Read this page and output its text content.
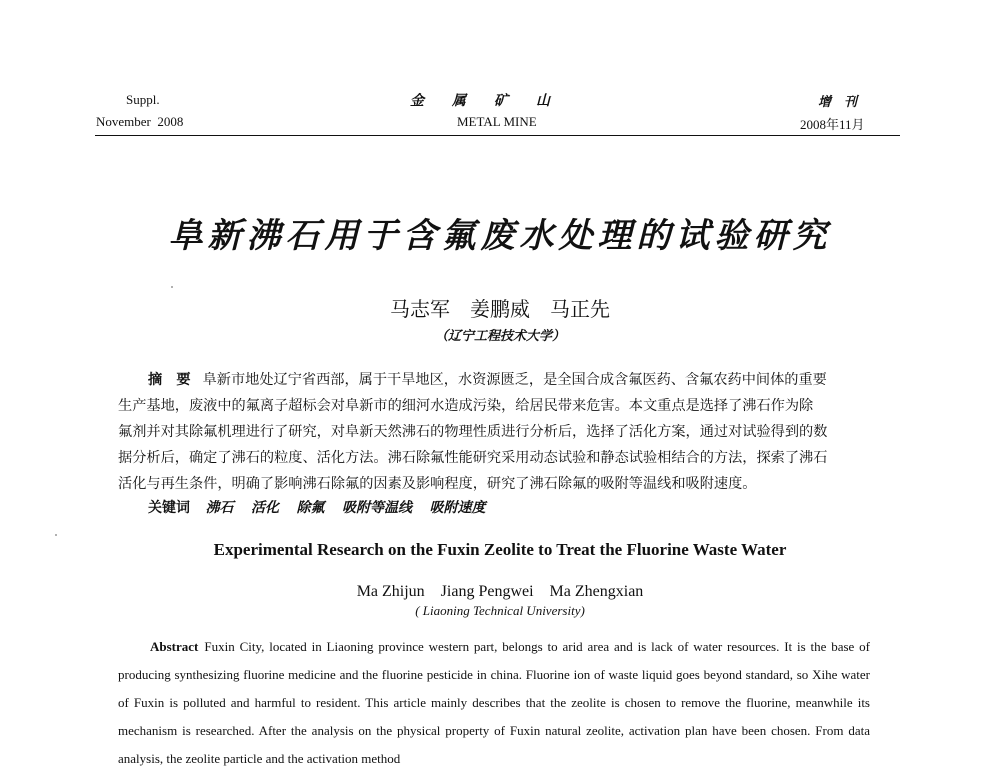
Suppl.
November  2008
金　　属　　矿　　山
METAL MINE
增　刊
2008年11月
阜新沸石用于含氟废水处理的试验研究
马志军　姜鹏威　马正先
（辽宁工程技术大学）
摘　要 阜新市地处辽宁省西部，属于干旱地区，水资源匮乏，是全国合成含氟医药、含氟农药中间体的重要
生产基地，废液中的氟离子超标会对阜新市的细河水造成污染，给居民带来危害。本文重点是选择了沸石作为除
氟剂并对其除氟机理进行了研究，对阜新天然沸石的物理性质进行分析后，选择了活化方案，通过对试验得到的数
据分析后，确定了沸石的粒度、活化方法。沸石除氟性能研究采用动态试验和静态试验相结合的方法，探索了沸石
活化与再生条件，明确了影响沸石除氟的因素及影响程度，研究了沸石除氟的吸附等温线和吸附速度。
关键词 沸石 活化 除氟 吸附等温线 吸附速度
Experimental Research on the Fuxin Zeolite to Treat the Fluorine Waste Water
Ma Zhijun　Jiang Pengwei　Ma Zhengxian
( Liaoning Technical University)
Abstract Fuxin City, located in Liaoning province western part, belongs to arid area and is lack of water resources. It is the base of producing synthesizing fluorine medicine and the fluorine pesticide in china. Fluorine ion of waste liquid goes beyond standard, so Xihe water of Fuxin is polluted and harmful to resident. This article mainly describes that the zeolite is chosen to remove the fluorine, meanwhile its mechanism is researched. After the analysis on the physical property of Fuxin natural zeolite, activation plan have been chosen. From data analysis, the zeolite particle and the activation method
